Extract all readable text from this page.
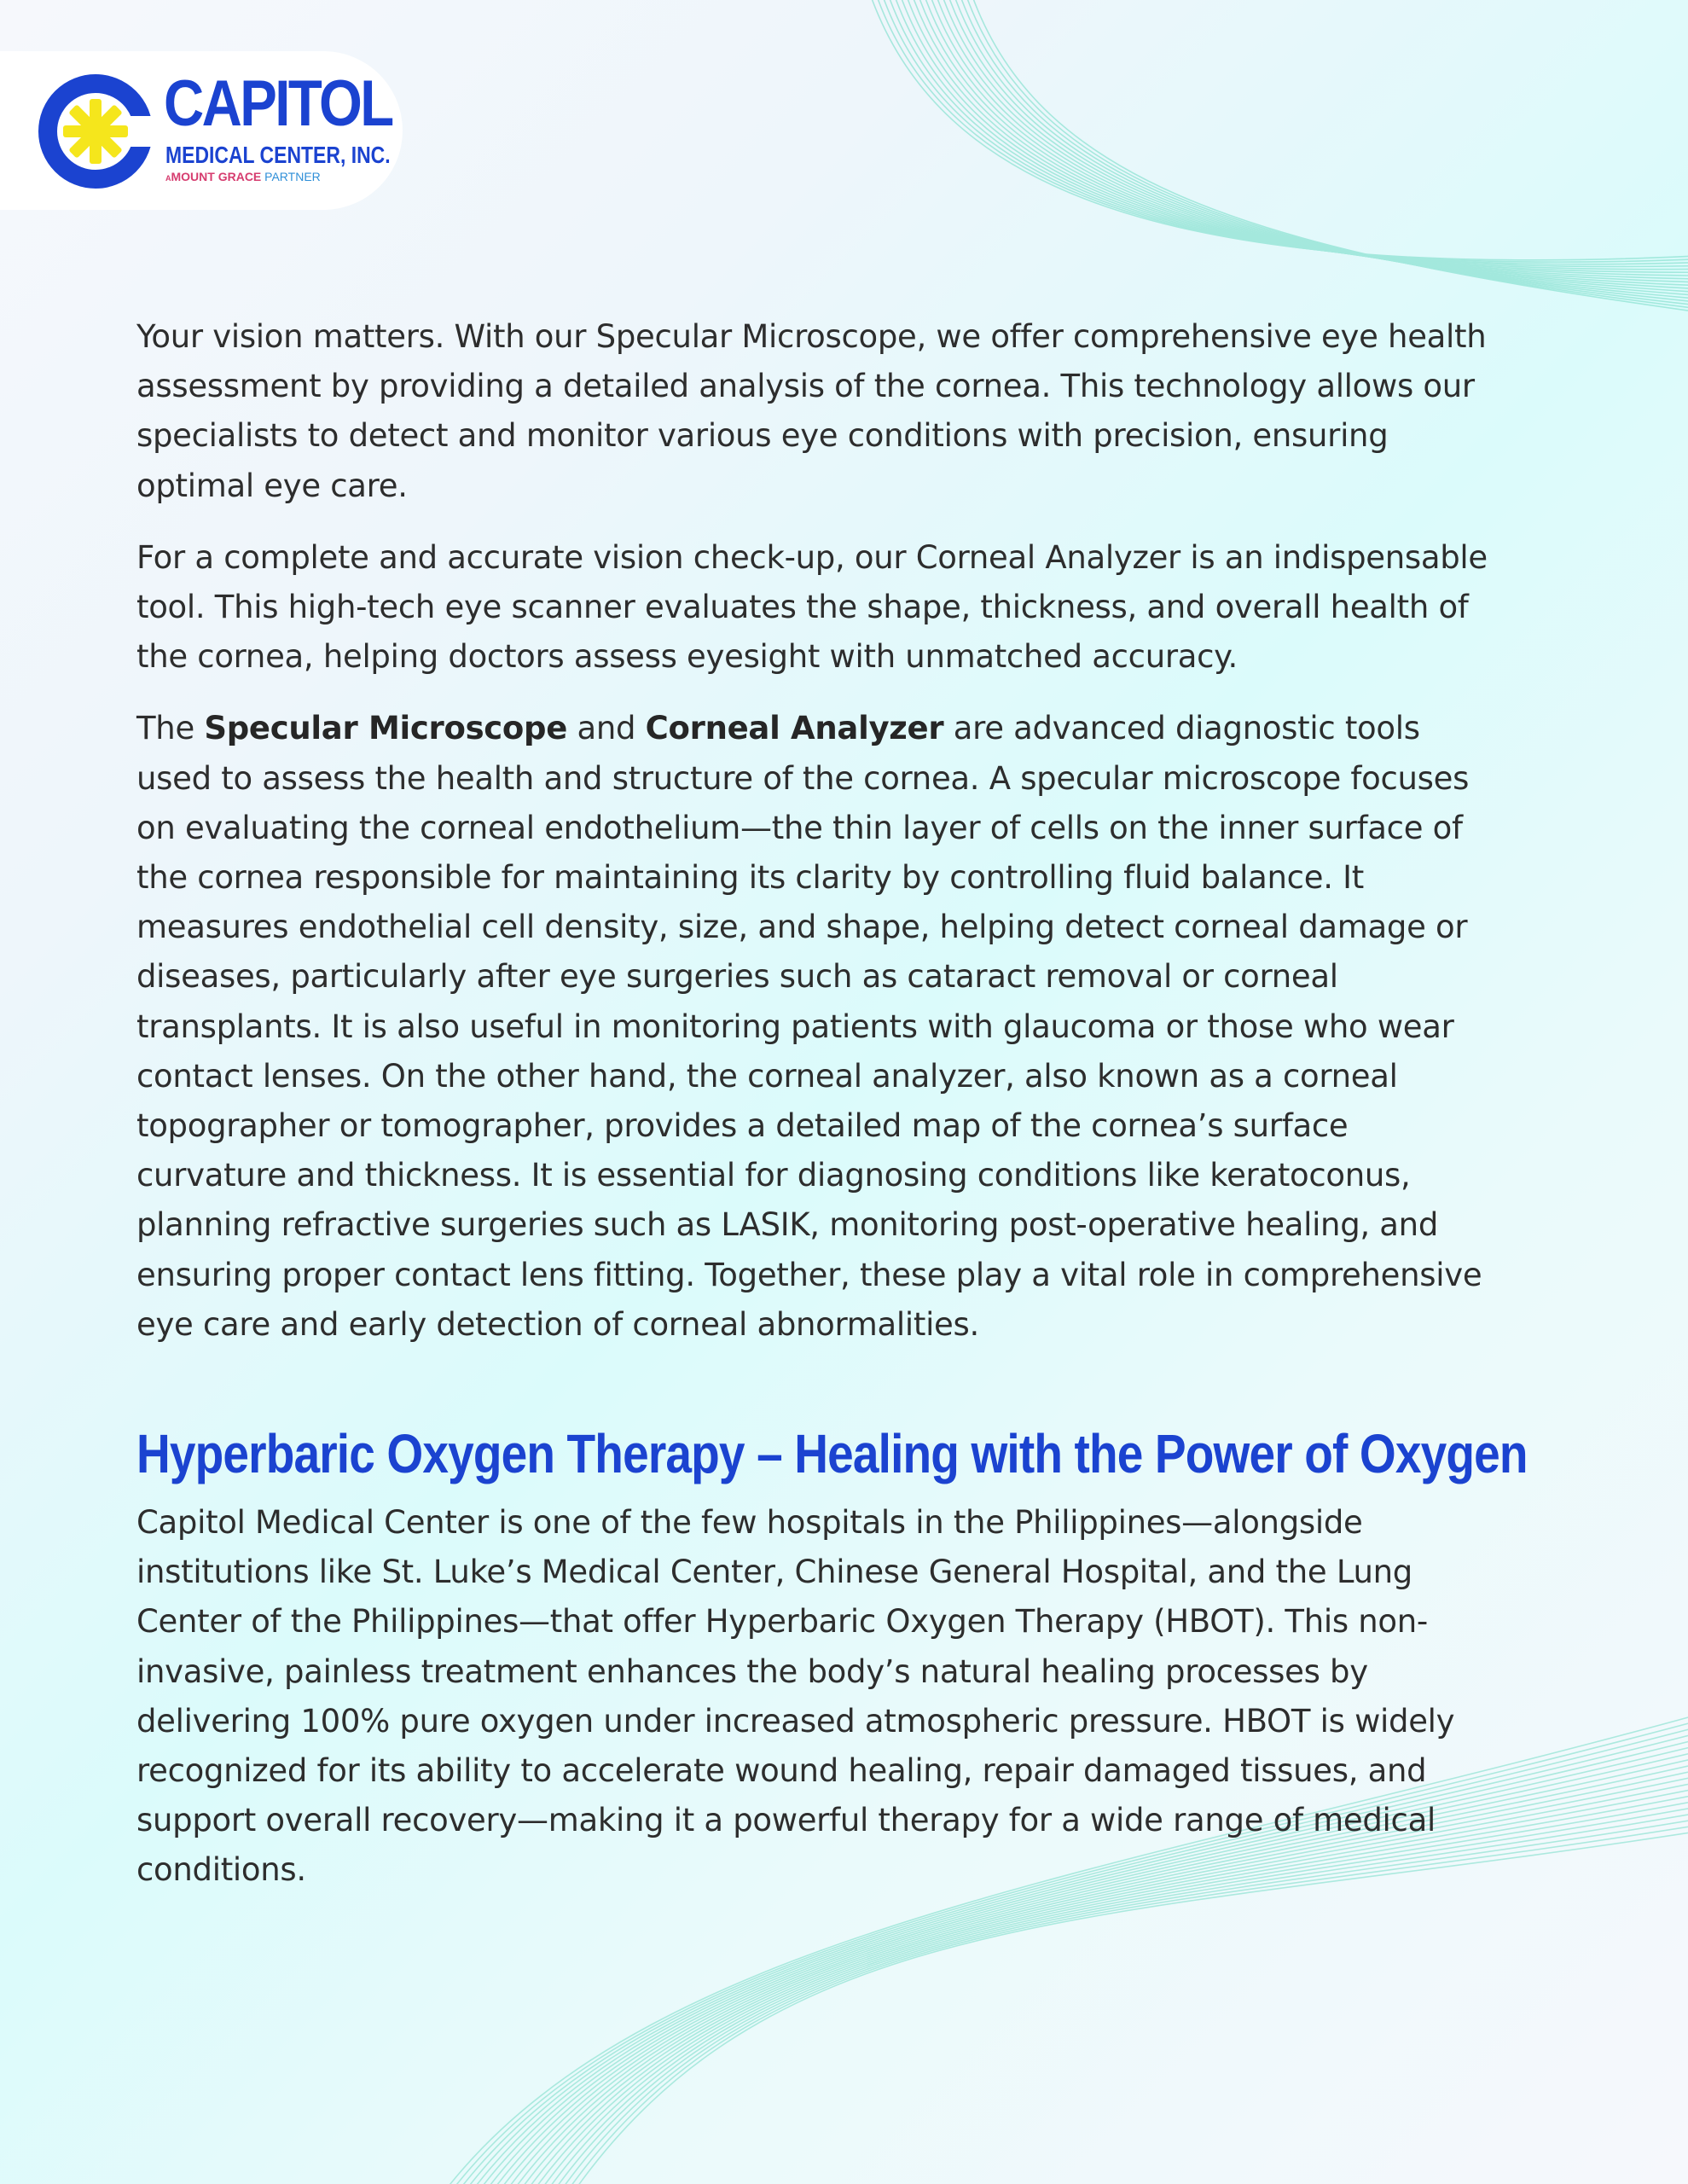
CAPITOL
MEDICAL CENTER, INC.
AMOUNT GRACE PARTNER

Your vision matters. With our Specular Microscope, we offer comprehensive eye health assessment by providing a detailed analysis of the cornea. This technology allows our specialists to detect and monitor various eye conditions with precision, ensuring optimal eye care.

For a complete and accurate vision check-up, our Corneal Analyzer is an indispensable tool. This high-tech eye scanner evaluates the shape, thickness, and overall health of the cornea, helping doctors assess eyesight with unmatched accuracy.

The Specular Microscope and Corneal Analyzer are advanced diagnostic tools used to assess the health and structure of the cornea. A specular microscope focuses on evaluating the corneal endothelium—the thin layer of cells on the inner surface of the cornea responsible for maintaining its clarity by controlling fluid balance. It measures endothelial cell density, size, and shape, helping detect corneal damage or diseases, particularly after eye surgeries such as cataract removal or corneal transplants. It is also useful in monitoring patients with glaucoma or those who wear contact lenses. On the other hand, the corneal analyzer, also known as a corneal topographer or tomographer, provides a detailed map of the cornea’s surface curvature and thickness. It is essential for diagnosing conditions like keratoconus, planning refractive surgeries such as LASIK, monitoring post-operative healing, and ensuring proper contact lens fitting. Together, these play a vital role in comprehensive eye care and early detection of corneal abnormalities.

Hyperbaric Oxygen Therapy – Healing with the Power of Oxygen

Capitol Medical Center is one of the few hospitals in the Philippines—alongside institutions like St. Luke’s Medical Center, Chinese General Hospital, and the Lung Center of the Philippines—that offer Hyperbaric Oxygen Therapy (HBOT). This non-invasive, painless treatment enhances the body’s natural healing processes by delivering 100% pure oxygen under increased atmospheric pressure. HBOT is widely recognized for its ability to accelerate wound healing, repair damaged tissues, and support overall recovery—making it a powerful therapy for a wide range of medical conditions.
